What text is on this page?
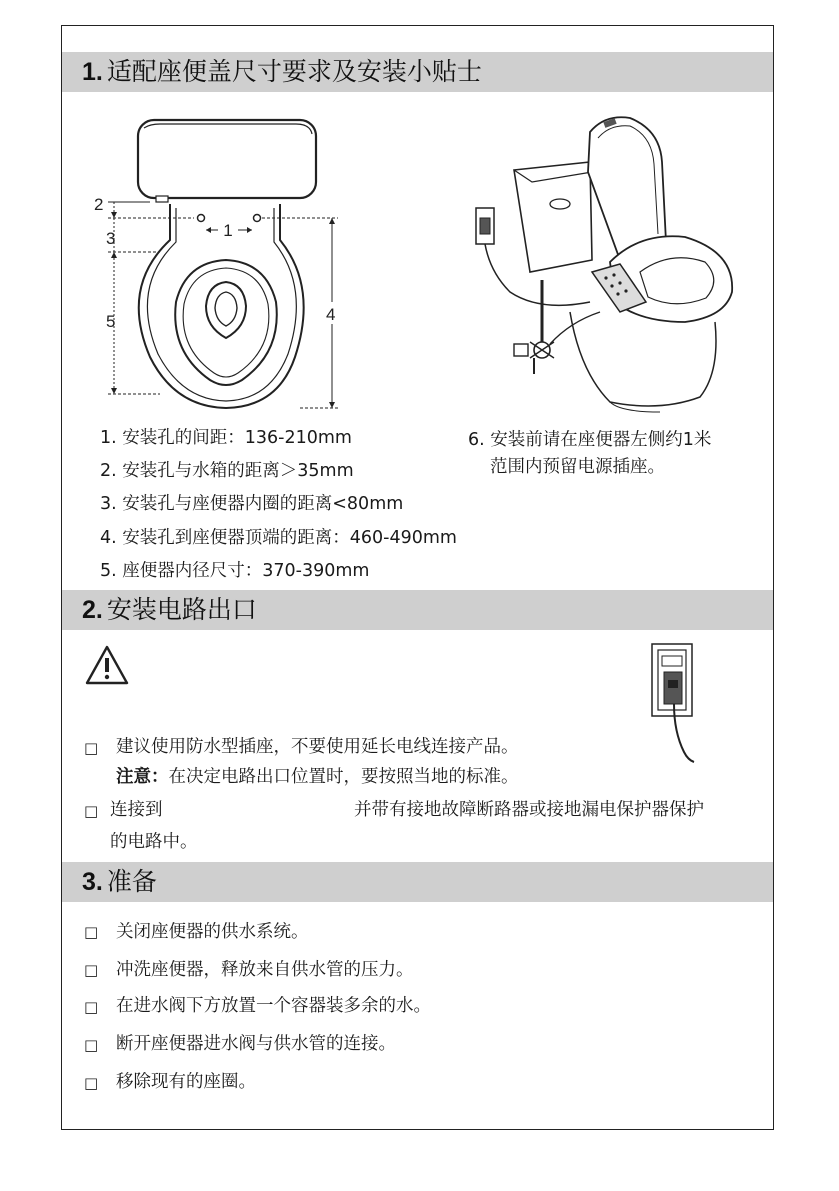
1. 适配座便盖尺寸要求及安装小贴士
1
2
3
5	4
1. 安装孔的间距：136-210mm
2. 安装孔与水箱的距离＞35mm
3. 安装孔与座便器内圈的距离<80mm
4. 安装孔到座便器顶端的距离：460-490mm
5. 座便器内径尺寸：370-390mm
6. 安装前请在座便器左侧约1米
范围内预留电源插座。
2. 安装电路出口
□ 建议使用防水型插座，不要使用延长电线连接产品。
注意：在决定电路出口位置时，要按照当地的标准。
□ 连接到	并带有接地故障断路器或接地漏电保护器保护
的电路中。
3. 准备
□ 关闭座便器的供水系统。
□ 冲洗座便器，释放来自供水管的压力。
□ 在进水阀下方放置一个容器装多余的水。
□ 断开座便器进水阀与供水管的连接。
□ 移除现有的座圈。
